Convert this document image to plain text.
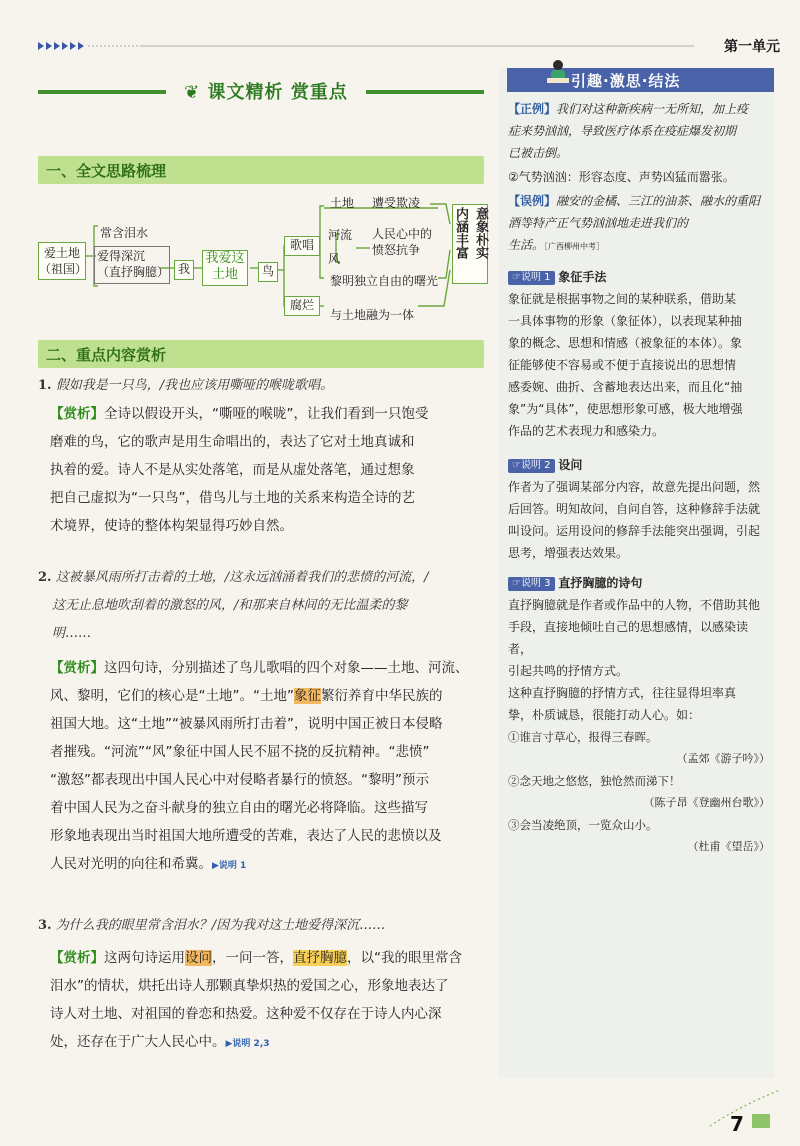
第一单元
❦ 课文精析 赏重点
一、全文思路梳理
爱土地
（祖国）
常含泪水
爱得深沉
（直抒胸臆） 我
我爱这
土地	鸟
歌唱
腐烂
土地 遭受欺凌
河流
风
人民心中的
愤怒抗争
黎明独立自由的曙光
与土地融为一体
意象朴实
内涵丰富
二、重点内容赏析
1. 假如我是一只鸟，/我也应该用嘶哑的喉咙歌唱。
【赏析】全诗以假设开头，“嘶哑的喉咙”，让我们看到一只饱受
磨难的鸟，它的歌声是用生命唱出的，表达了它对土地真诚和
执着的爱。诗人不是从实处落笔，而是从虚处落笔，通过想象
把自己虚拟为“一只鸟”，借鸟儿与土地的关系来构造全诗的艺
术境界，使诗的整体构架显得巧妙自然。
2. 这被暴风雨所打击着的土地，/这永远汹涌着我们的悲愤的河流，/
这无止息地吹刮着的激怒的风，/和那来自林间的无比温柔的黎
明……
【赏析】这四句诗，分别描述了鸟儿歌唱的四个对象——土地、河流、
风、黎明，它们的核心是“土地”。“土地”象征繁衍养育中华民族的
祖国大地。这“土地”“被暴风雨所打击着”，说明中国正被日本侵略
者摧残。“河流”“风”象征中国人民不屈不挠的反抗精神。“悲愤”
“激怒”都表现出中国人民心中对侵略者暴行的愤怒。“黎明”预示
着中国人民为之奋斗献身的独立自由的曙光必将降临。这些描写
形象地表现出当时祖国大地所遭受的苦难，表达了人民的悲愤以及
人民对光明的向往和希冀。▶说明 1
3. 为什么我的眼里常含泪水？/因为我对这土地爱得深沉……
【赏析】这两句诗运用设问，一问一答，直抒胸臆，以“我的眼里常含
泪水”的情状，烘托出诗人那颗真挚炽热的爱国之心，形象地表达了
诗人对土地、对祖国的眷恋和热爱。这种爱不仅存在于诗人内心深
处，还存在于广大人民心中。▶说明 2,3
引趣·激思·结法
【正例】我们对这种新疾病一无所知，加上疫
症来势汹汹，导致医疗体系在疫症爆发初期
已被击倒。
②气势汹汹：形容态度、声势凶猛而嚣张。
【误例】融安的金橘、三江的油茶、融水的重阳
酒等特产正气势汹汹地走进我们的
生活。［广西柳州中考］
☞说明 1 象征手法
象征就是根据事物之间的某种联系，借助某
一具体事物的形象（象征体），以表现某种抽
象的概念、思想和情感（被象征的本体）。象
征能够使不容易或不便于直接说出的思想情
感委婉、曲折、含蓄地表达出来，而且化“抽
象”为“具体”，使思想形象可感，极大地增强
作品的艺术表现力和感染力。
☞说明 2 设问
作者为了强调某部分内容，故意先提出问题，然
后回答。明知故问，自问自答，这种修辞手法就
叫设问。运用设问的修辞手法能突出强调，引起
思考，增强表达效果。
☞说明 3 直抒胸臆的诗句
直抒胸臆就是作者或作品中的人物，不借助其他
手段，直接地倾吐自己的思想感情，以感染读者，
引起共鸣的抒情方式。
这种直抒胸臆的抒情方式，往往显得坦率真
挚，朴质诚恳，很能打动人心。如：
①谁言寸草心，报得三春晖。
（孟郊《游子吟》）
②念天地之悠悠，独怆然而涕下！
（陈子昂《登幽州台歌》）
③会当凌绝顶，一览众山小。
（杜甫《望岳》）
7
